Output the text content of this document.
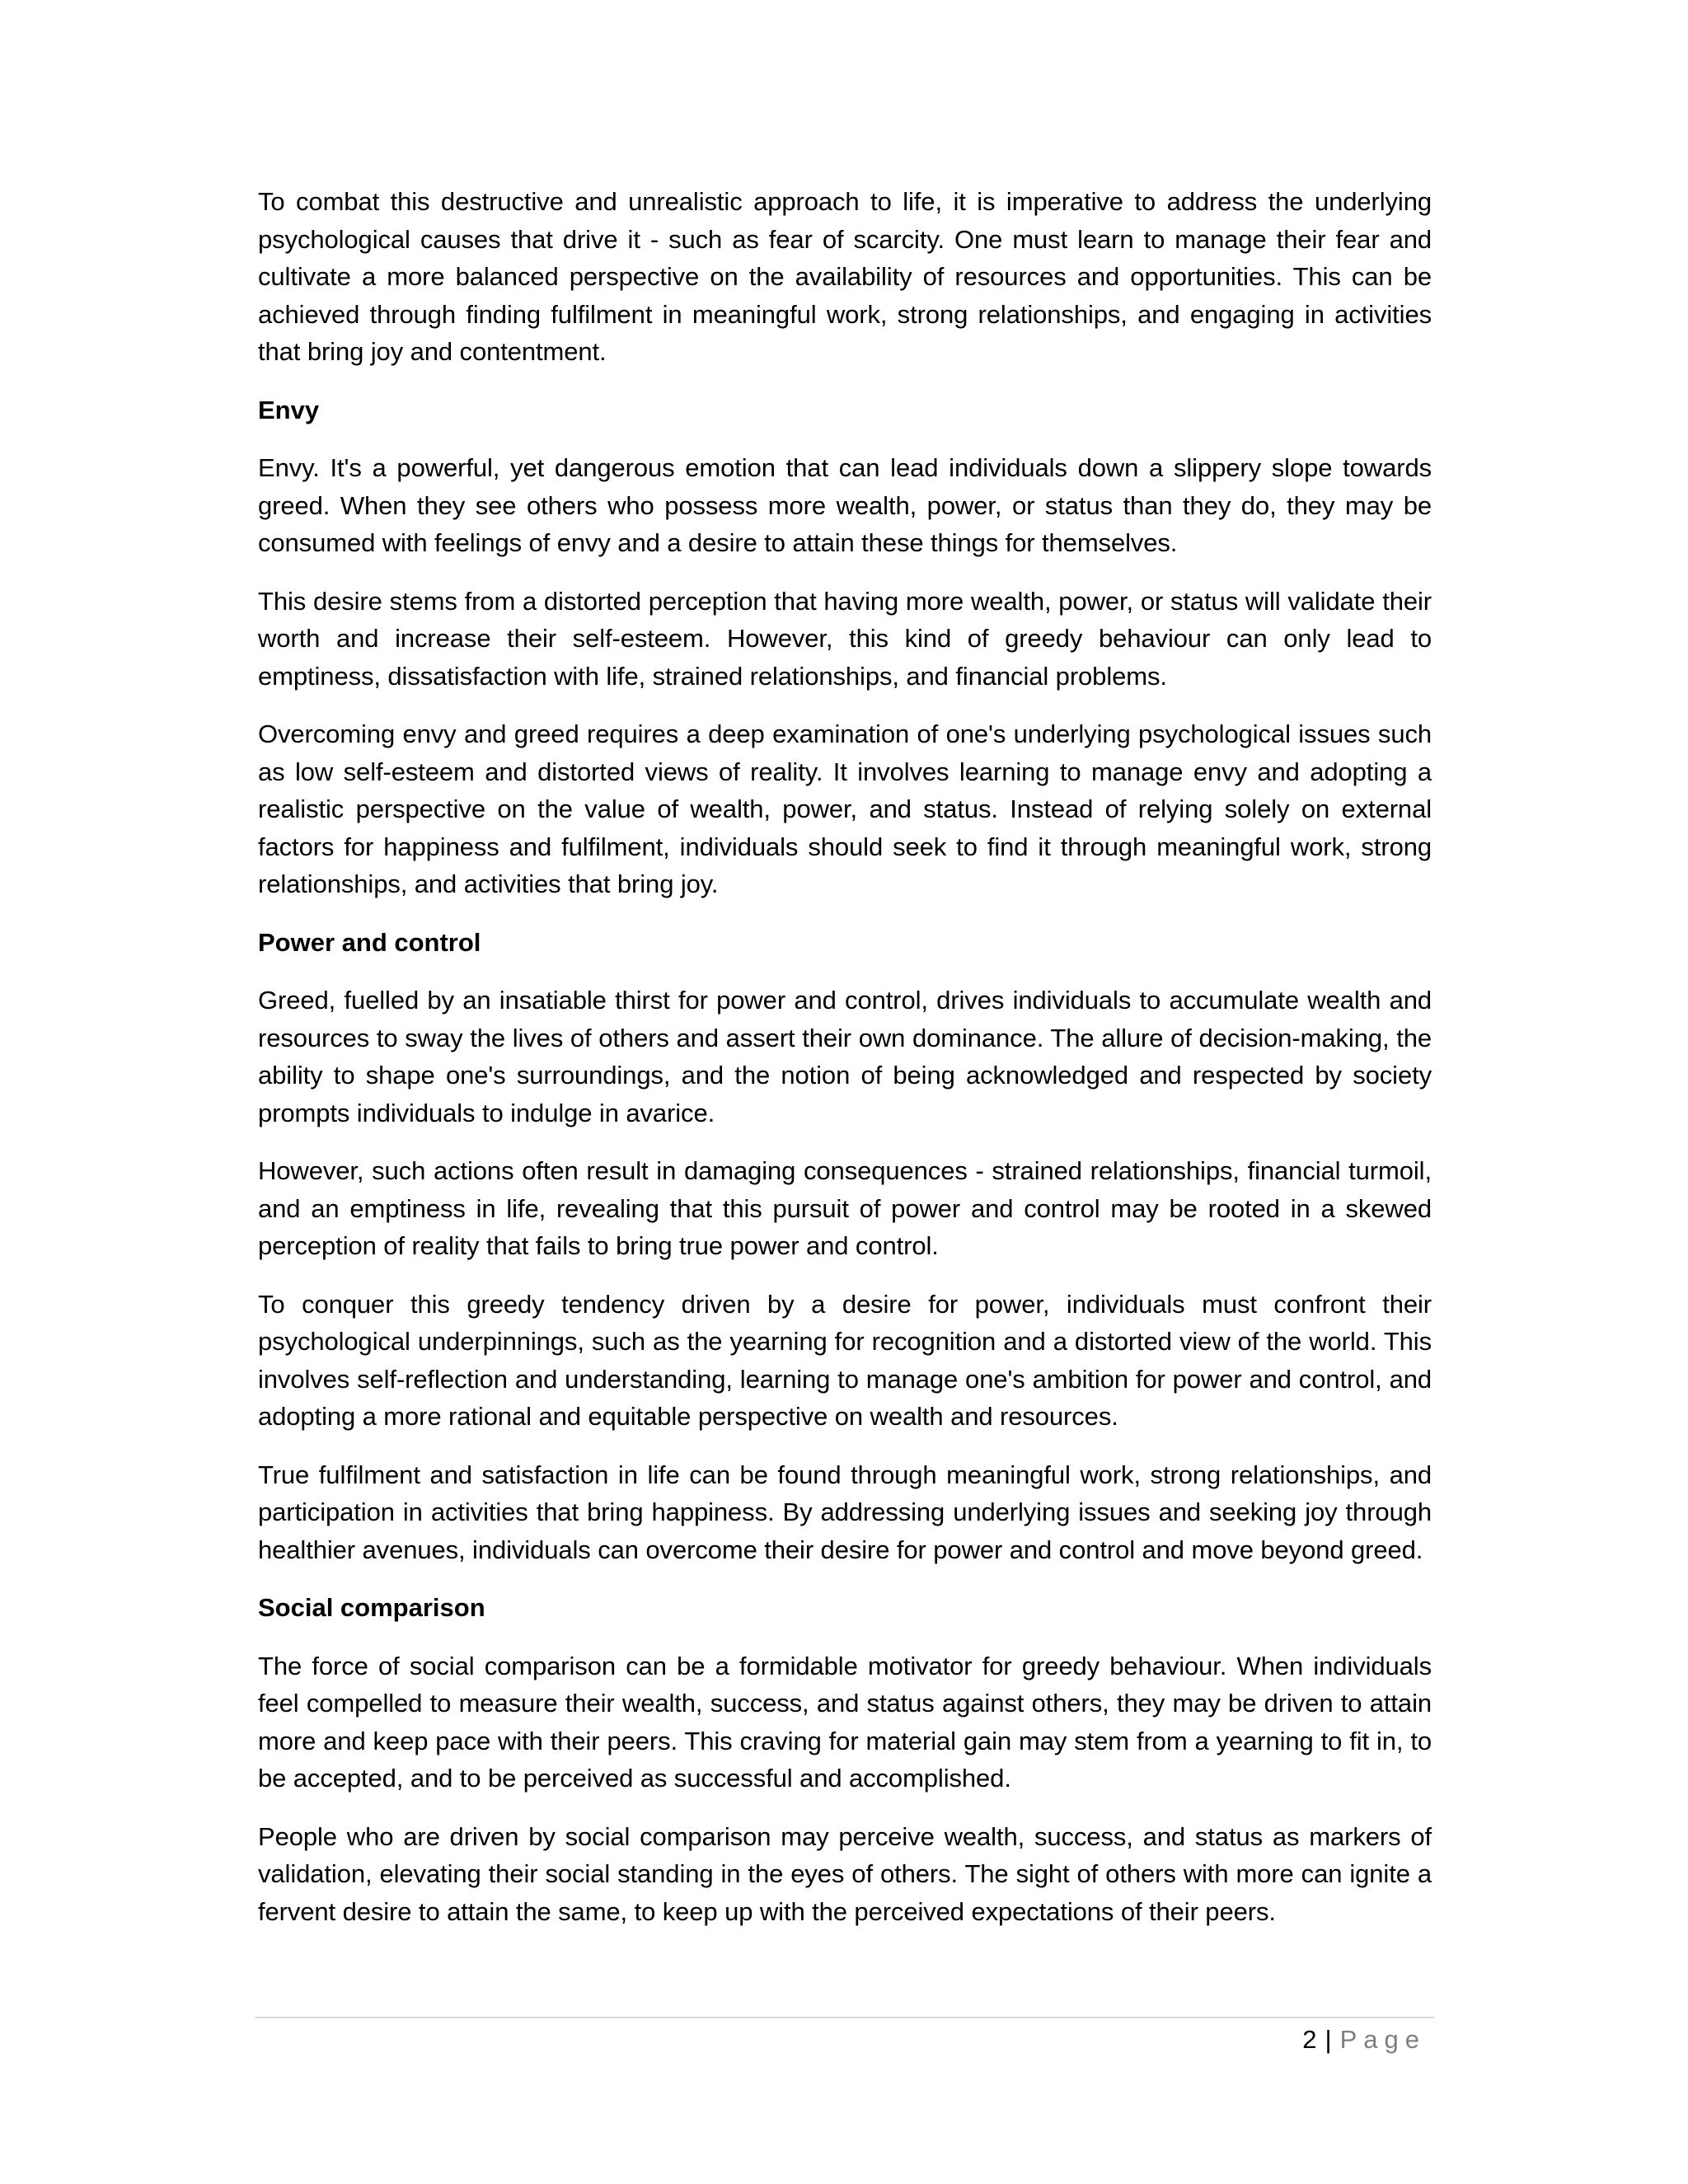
To combat this destructive and unrealistic approach to life, it is imperative to address the underlying psychological causes that drive it - such as fear of scarcity. One must learn to manage their fear and cultivate a more balanced perspective on the availability of resources and opportunities. This can be achieved through finding fulfilment in meaningful work, strong relationships, and engaging in activities that bring joy and contentment.

Envy

Envy. It's a powerful, yet dangerous emotion that can lead individuals down a slippery slope towards greed. When they see others who possess more wealth, power, or status than they do, they may be consumed with feelings of envy and a desire to attain these things for themselves.

This desire stems from a distorted perception that having more wealth, power, or status will validate their worth and increase their self-esteem. However, this kind of greedy behaviour can only lead to emptiness, dissatisfaction with life, strained relationships, and financial problems.

Overcoming envy and greed requires a deep examination of one's underlying psychological issues such as low self-esteem and distorted views of reality. It involves learning to manage envy and adopting a realistic perspective on the value of wealth, power, and status. Instead of relying solely on external factors for happiness and fulfilment, individuals should seek to find it through meaningful work, strong relationships, and activities that bring joy.

Power and control

Greed, fuelled by an insatiable thirst for power and control, drives individuals to accumulate wealth and resources to sway the lives of others and assert their own dominance. The allure of decision-making, the ability to shape one's surroundings, and the notion of being acknowledged and respected by society prompts individuals to indulge in avarice.

However, such actions often result in damaging consequences - strained relationships, financial turmoil, and an emptiness in life, revealing that this pursuit of power and control may be rooted in a skewed perception of reality that fails to bring true power and control.

To conquer this greedy tendency driven by a desire for power, individuals must confront their psychological underpinnings, such as the yearning for recognition and a distorted view of the world. This involves self-reflection and understanding, learning to manage one's ambition for power and control, and adopting a more rational and equitable perspective on wealth and resources.

True fulfilment and satisfaction in life can be found through meaningful work, strong relationships, and participation in activities that bring happiness. By addressing underlying issues and seeking joy through healthier avenues, individuals can overcome their desire for power and control and move beyond greed.

Social comparison

The force of social comparison can be a formidable motivator for greedy behaviour. When individuals feel compelled to measure their wealth, success, and status against others, they may be driven to attain more and keep pace with their peers. This craving for material gain may stem from a yearning to fit in, to be accepted, and to be perceived as successful and accomplished.

People who are driven by social comparison may perceive wealth, success, and status as markers of validation, elevating their social standing in the eyes of others. The sight of others with more can ignite a fervent desire to attain the same, to keep up with the perceived expectations of their peers.

2 | Page
